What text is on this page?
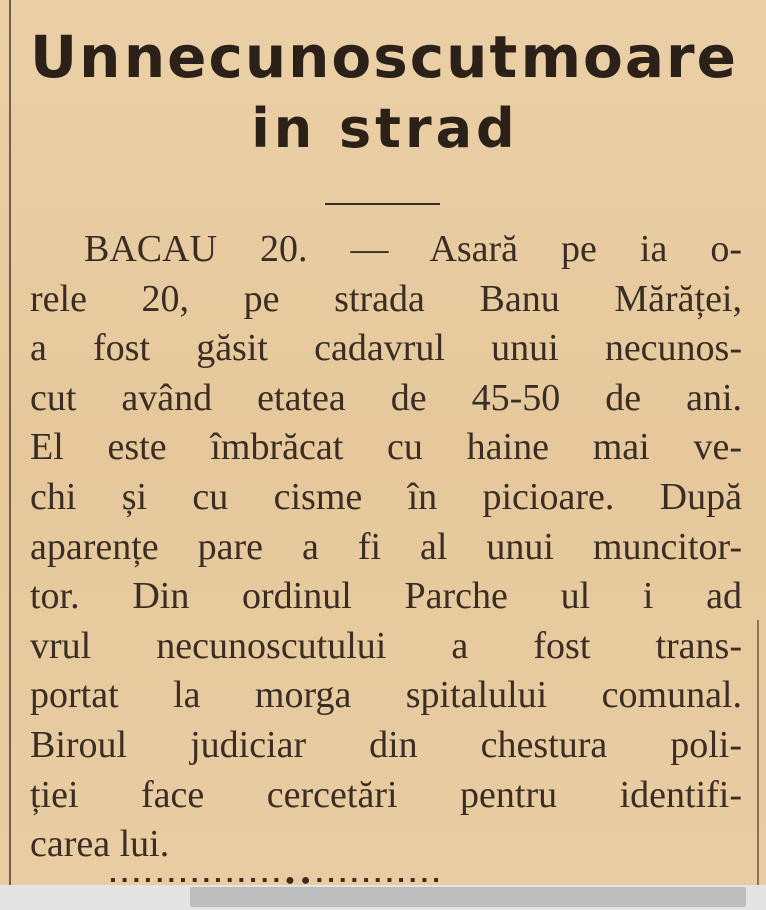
Un necunoscut moare
in strad
BACAU 20. — Asară pe ia o-
rele 20, pe strada Banu Mărăței,
a fost găsit cadavrul unui necunos-
cut având etatea de 45-50 de ani.
El este îmbrăcat cu haine mai ve-
chi și cu cisme în picioare. După
aparențe pare a fi al unui muncitor-
tor. Din ordinul Parche ul i ad
vrul necunoscutului a fost trans-
portat la morga spitalului comunal.
Biroul judiciar din chestura poli-
ției face cercetări pentru identifi-
carea lui.
▪▪▪▪▪▪▪▪▪▪▪▪▪▪▪●●▪▪▪▪▪▪▪▪▪▪▪
